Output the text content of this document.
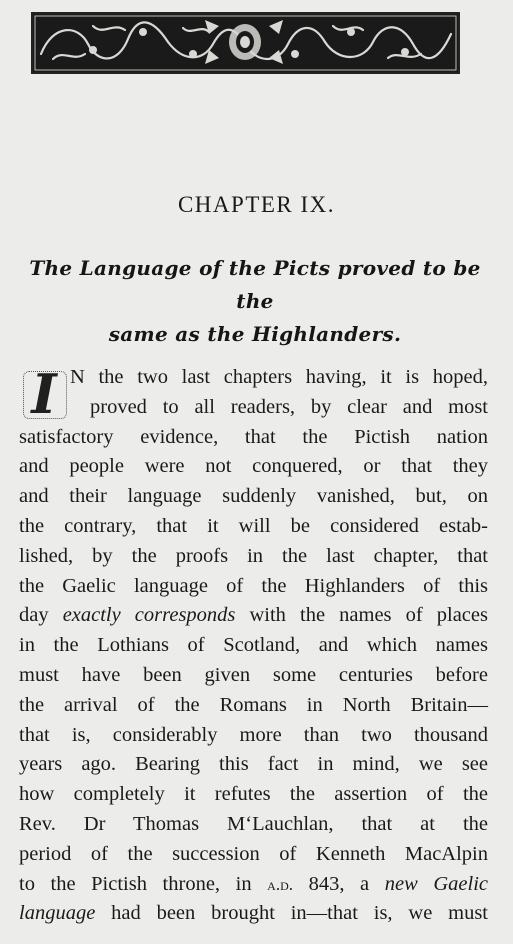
CHAPTER IX.
The Language of the Picts proved to be the
same as the Highlanders.
I N the two last chapters having, it is hoped,
proved to all readers, by clear and most
satisfactory evidence, that the Pictish nation
and people were not conquered, or that they
and their language suddenly vanished, but, on
the contrary, that it will be considered estab-
lished, by the proofs in the last chapter, that
the Gaelic language of the Highlanders of this
day exactly corresponds with the names of places
in the Lothians of Scotland, and which names
must have been given some centuries before
the arrival of the Romans in North Britain—
that is, considerably more than two thousand
years ago. Bearing this fact in mind, we see
how completely it refutes the assertion of the
Rev. Dr Thomas M‘Lauchlan, that at the
period of the succession of Kenneth MacAlpin
to the Pictish throne, in a.d. 843, a new Gaelic
language had been brought in—that is, we must
